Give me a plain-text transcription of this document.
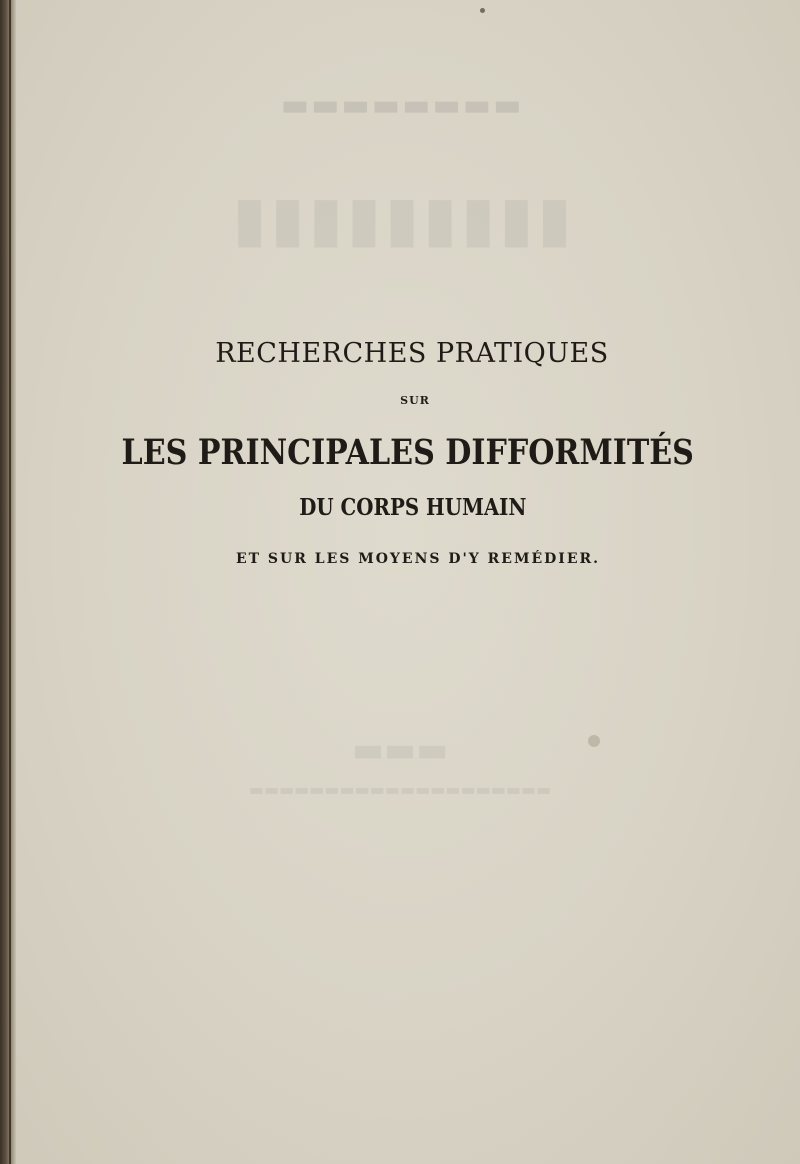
▬▬▬▬▬▬▬▬
▮▮▮▮▮▮▮▮▮
▬▬▬
▬▬▬▬▬▬▬▬▬▬▬▬▬▬▬▬▬▬▬▬
RECHERCHES PRATIQUES
SUR
LES PRINCIPALES DIFFORMITÉS
DU CORPS HUMAIN
ET SUR LES MOYENS D'Y REMÉDIER.
